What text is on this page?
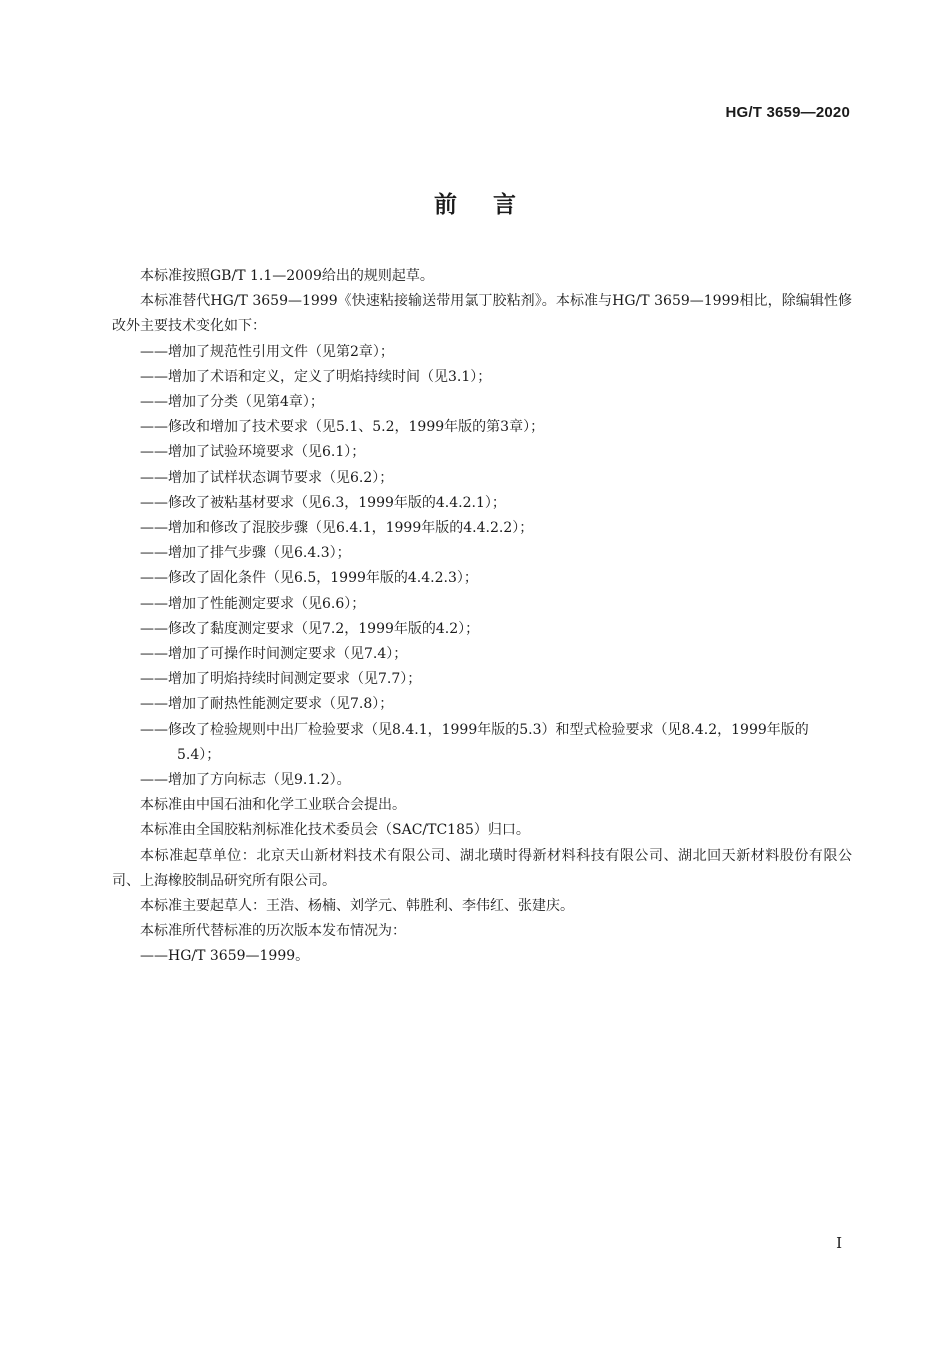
HG/T 3659—2020
前言

本标准按照GB/T 1.1—2009给出的规则起草。

本标准替代HG/T 3659—1999《快速粘接输送带用氯丁胶粘剂》。本标准与HG/T 3659—1999相比，除编辑性修改外主要技术变化如下：

——增加了规范性引用文件（见第2章）；

——增加了术语和定义，定义了明焰持续时间（见3.1）；

——增加了分类（见第4章）；

——修改和增加了技术要求（见5.1、5.2，1999年版的第3章）；

——增加了试验环境要求（见6.1）；

——增加了试样状态调节要求（见6.2）；

——修改了被粘基材要求（见6.3，1999年版的4.4.2.1）；

——增加和修改了混胶步骤（见6.4.1，1999年版的4.4.2.2）；

——增加了排气步骤（见6.4.3）；

——修改了固化条件（见6.5，1999年版的4.4.2.3）；

——增加了性能测定要求（见6.6）；

——修改了黏度测定要求（见7.2，1999年版的4.2）；

——增加了可操作时间测定要求（见7.4）；

——增加了明焰持续时间测定要求（见7.7）；

——增加了耐热性能测定要求（见7.8）；

——修改了检验规则中出厂检验要求（见8.4.1，1999年版的5.3）和型式检验要求（见8.4.2，1999年版的5.4）；

——增加了方向标志（见9.1.2）。

本标准由中国石油和化学工业联合会提出。

本标准由全国胶粘剂标准化技术委员会（SAC/TC185）归口。

本标准起草单位：北京天山新材料技术有限公司、湖北璜时得新材料科技有限公司、湖北回天新材料股份有限公司、上海橡胶制品研究所有限公司。

本标准主要起草人：王浩、杨楠、刘学元、韩胜利、李伟红、张建庆。

本标准所代替标准的历次版本发布情况为：

——HG/T 3659—1999。

I
